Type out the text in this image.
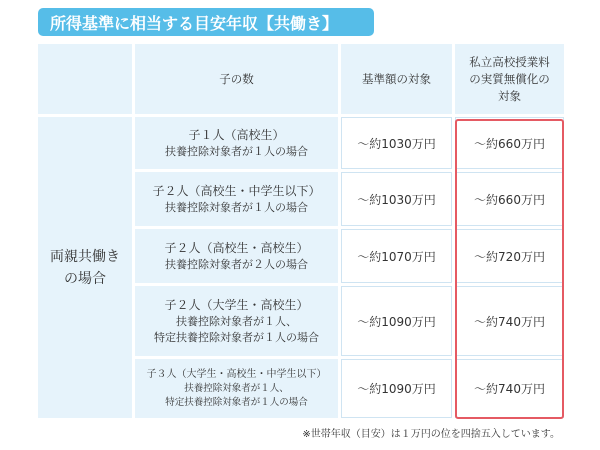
所得基準に相当する目安年収【共働き】
子の数	基準額の対象
私立高校授業料
の実質無償化の
対象
両親共働き
の場合
子１人（高校生）
扶養控除対象者が１人の場合
〜約1030万円	〜約660万円
子２人（高校生・中学生以下）
扶養控除対象者が１人の場合
〜約1030万円	〜約660万円
子２人（高校生・高校生）
扶養控除対象者が２人の場合
〜約1070万円	〜約720万円
子２人（大学生・高校生）
扶養控除対象者が１人、
特定扶養控除対象者が１人の場合
〜約1090万円	〜約740万円
子３人（大学生・高校生・中学生以下）
扶養控除対象者が１人、
特定扶養控除対象者が１人の場合
〜約1090万円	〜約740万円
※世帯年収（目安）は１万円の位を四捨五入しています。
